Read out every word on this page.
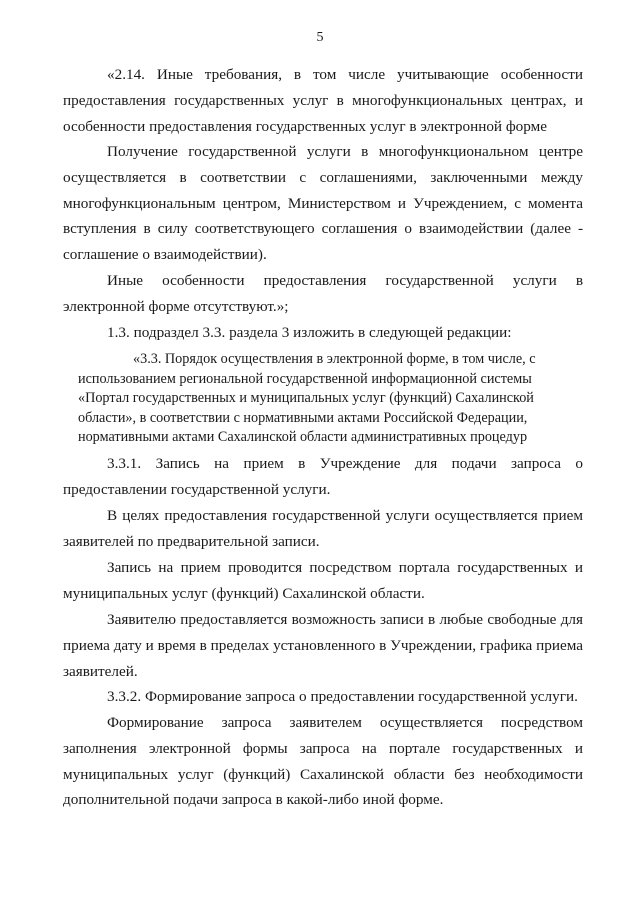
5

«2.14. Иные требования, в том числе учитывающие особенности предоставления государственных услуг в многофункциональных центрах, и особенности предоставления государственных услуг в электронной форме

Получение государственной услуги в многофункциональном центре осуществляется в соответствии с соглашениями, заключенными между многофункциональным центром, Министерством и Учреждением, с момента вступления в силу соответствующего соглашения о взаимодействии (далее - соглашение о взаимодействии).

Иные особенности предоставления государственной услуги в электронной форме отсутствуют.»;

1.3. подраздел 3.3. раздела 3 изложить в следующей редакции:

«3.3. Порядок осуществления в электронной форме, в том числе, с
использованием региональной государственной информационной системы
«Портал государственных и муниципальных услуг (функций) Сахалинской
области», в соответствии с нормативными актами Российской Федерации,
нормативными актами Сахалинской области административных процедур

3.3.1. Запись на прием в Учреждение для подачи запроса о предоставлении государственной услуги.

В целях предоставления государственной услуги осуществляется прием заявителей по предварительной записи.

Запись на прием проводится посредством портала государственных и муниципальных услуг (функций) Сахалинской области.

Заявителю предоставляется возможность записи в любые свободные для приема дату и время в пределах установленного в Учреждении, графика приема заявителей.

3.3.2. Формирование запроса о предоставлении государственной услуги.

Формирование запроса заявителем осуществляется посредством заполнения электронной формы запроса на портале государственных и муниципальных услуг (функций) Сахалинской области без необходимости дополнительной подачи запроса в какой-либо иной форме.
